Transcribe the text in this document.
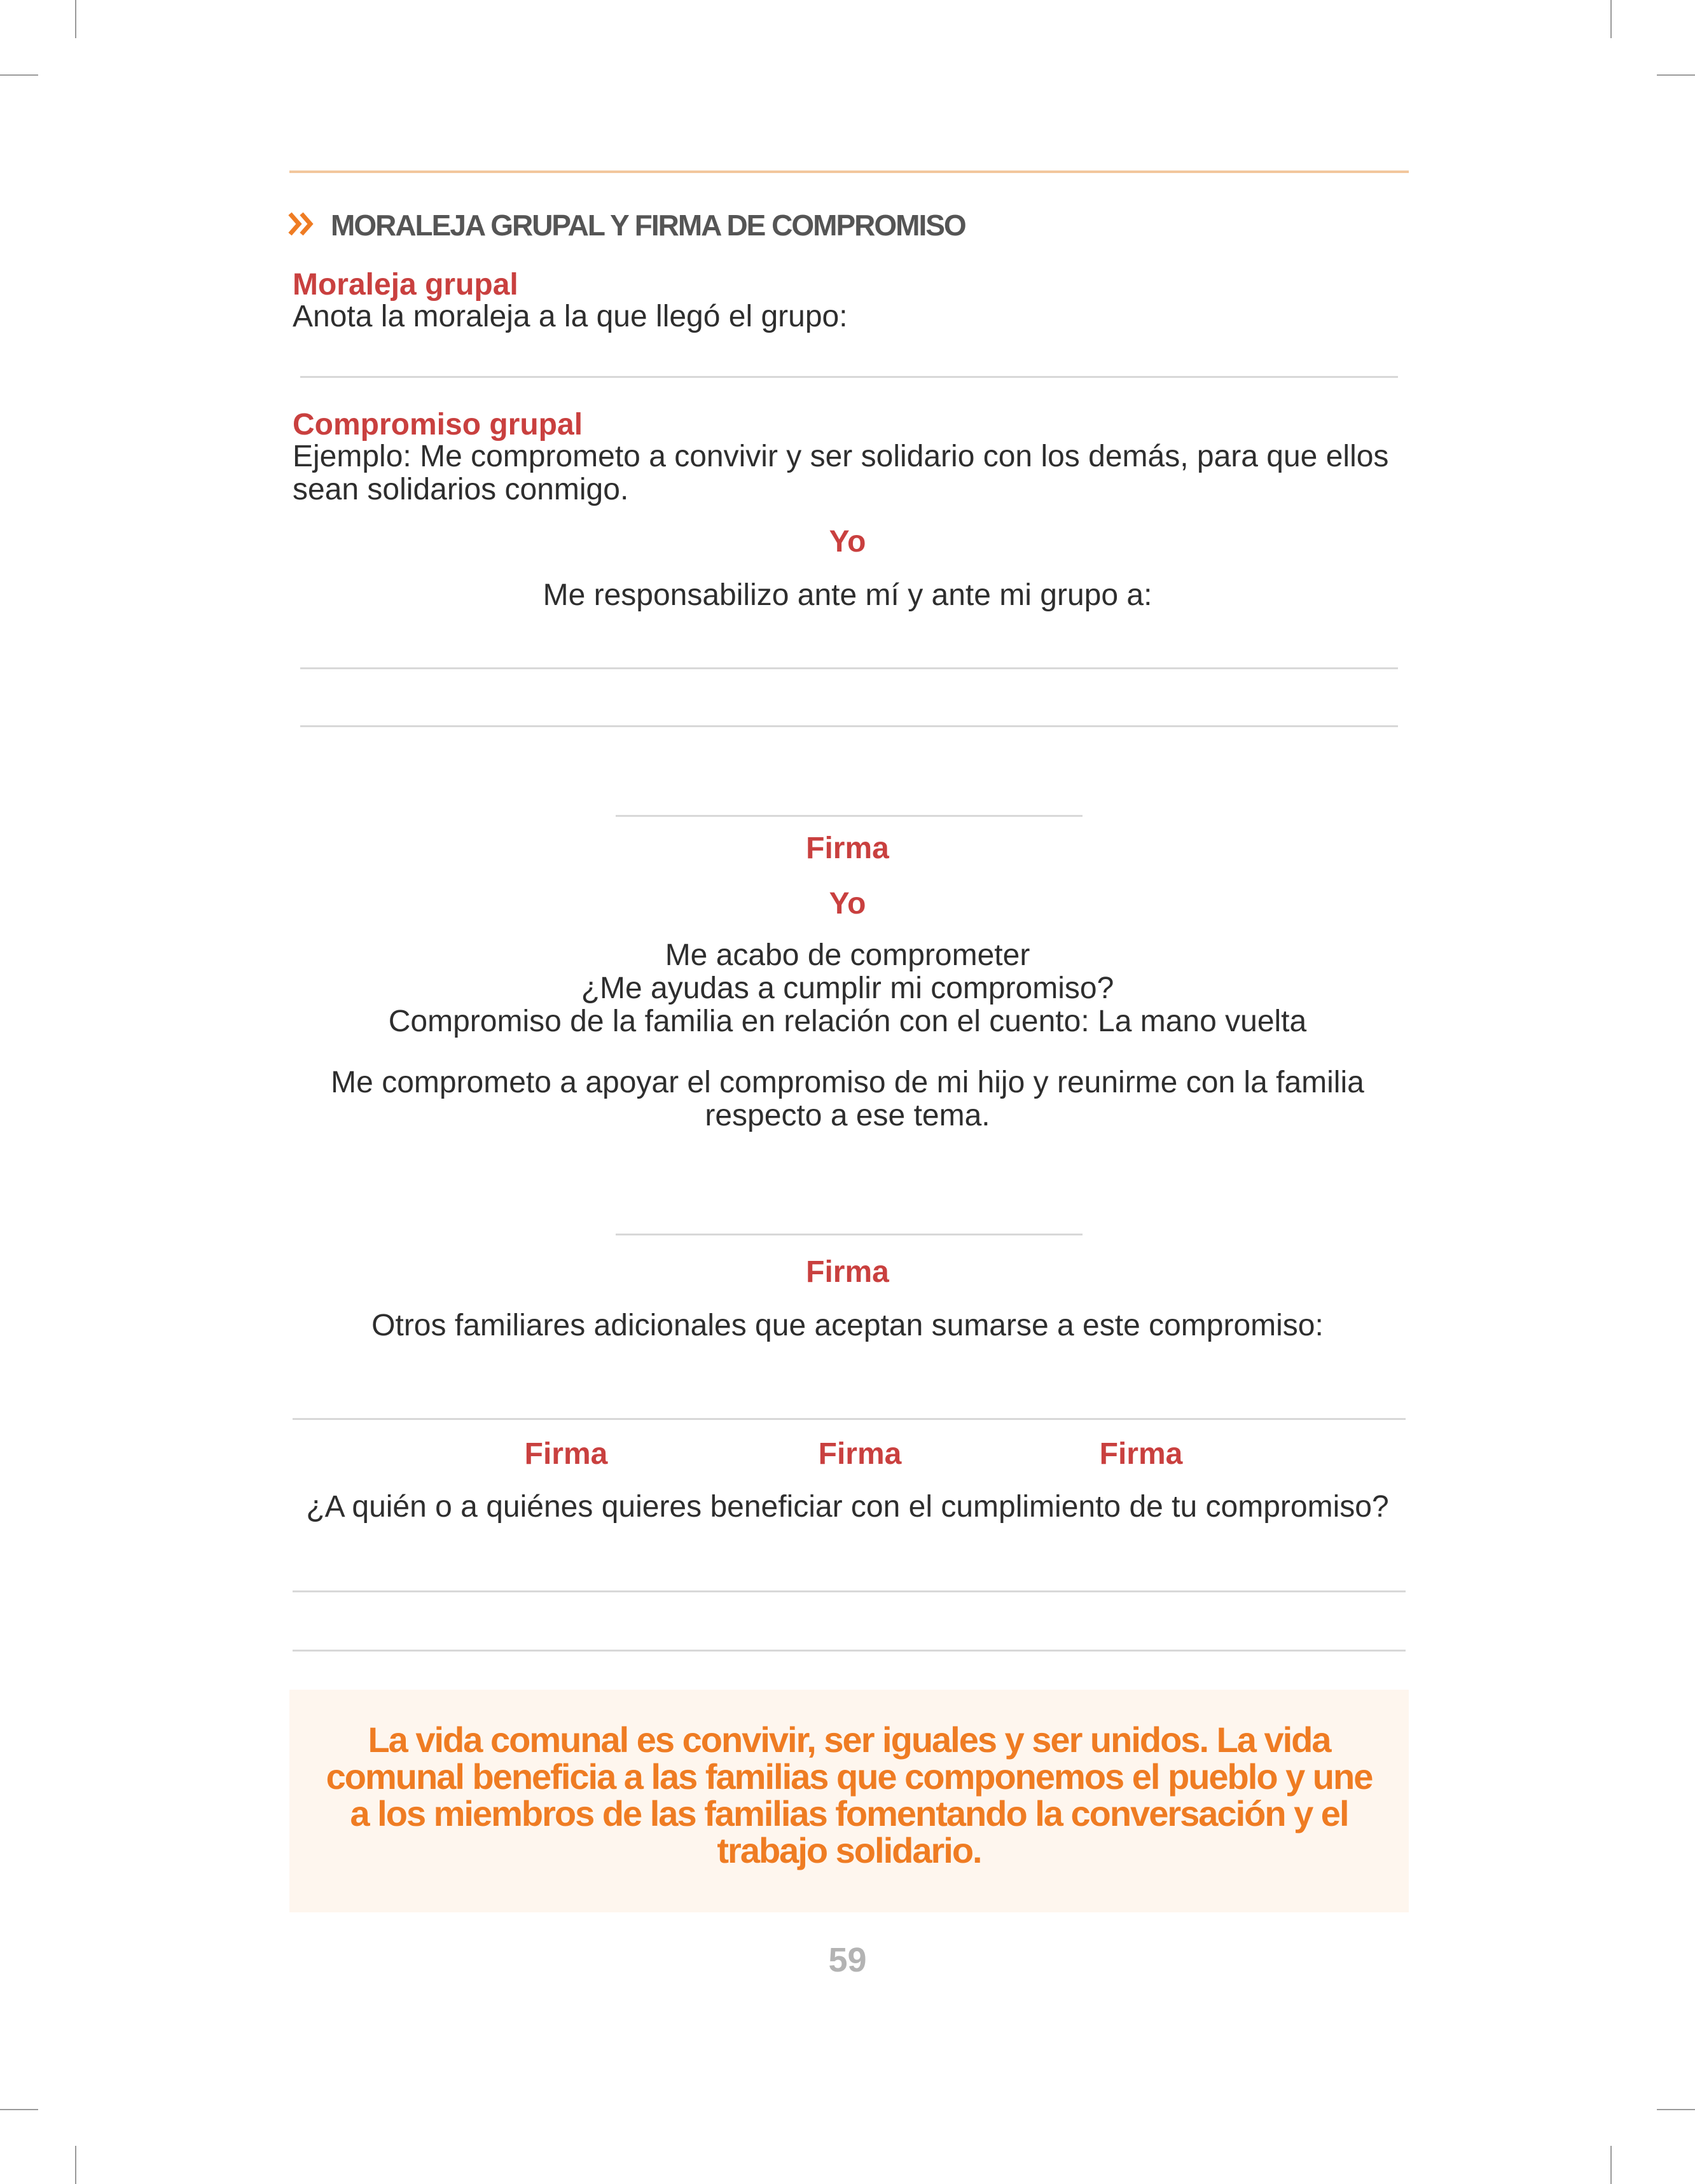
MORALEJA GRUPAL Y FIRMA DE COMPROMISO
Moraleja grupal
Anota la moraleja a la que llegó el grupo:
Compromiso grupal
Ejemplo: Me comprometo a convivir y ser solidario con los demás, para que ellos
sean solidarios conmigo.
Yo
Me responsabilizo ante mí y ante mi grupo a:
Firma
Yo
Me acabo de comprometer
¿Me ayudas a cumplir mi compromiso?
Compromiso de la familia en relación con el cuento: La mano vuelta
Me comprometo a apoyar el compromiso de mi hijo y reunirme con la familia
respecto a ese tema.
Firma
Otros familiares adicionales que aceptan sumarse a este compromiso:
Firma	Firma	Firma
¿A quién o a quiénes quieres beneficiar con el cumplimiento de tu compromiso?

La vida comunal es convivir, ser iguales y ser unidos. La vida
comunal beneficia a las familias que componemos el pueblo y une
a los miembros de las familias fomentando la conversación y el
trabajo solidario.

59
